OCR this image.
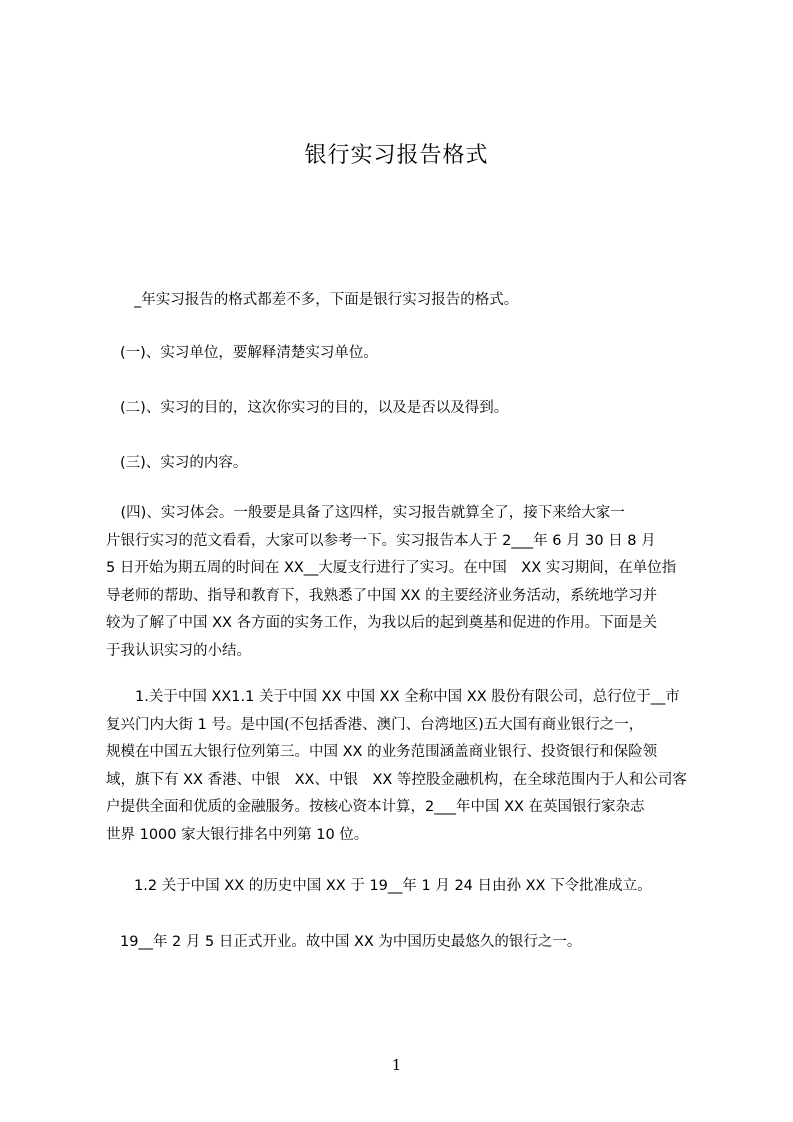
银行实习报告格式

_年实习报告的格式都差不多，下面是银行实习报告的格式。

(一)、实习单位，要解释清楚实习单位。

(二)、实习的目的，这次你实习的目的，以及是否以及得到。

(三)、实习的内容。

　(四)、实习体会。一般要是具备了这四样，实习报告就算全了，接下来给大家一
片银行实习的范文看看，大家可以参考一下。实习报告本人于 2___年 6 月 30 日 8 月
5 日开始为期五周的时间在 XX__大厦支行进行了实习。在中国　XX 实习期间，在单位指
导老师的帮助、指导和教育下，我熟悉了中国 XX 的主要经济业务活动，系统地学习并
较为了解了中国 XX 各方面的实务工作，为我以后的起到奠基和促进的作用。下面是关
于我认识实习的小结。
　　1.关于中国 XX1.1 关于中国 XX 中国 XX 全称中国 XX 股份有限公司，总行位于__市
复兴门内大街 1 号。是中国(不包括香港、澳门、台湾地区)五大国有商业银行之一，
规模在中国五大银行位列第三。中国 XX 的业务范围涵盖商业银行、投资银行和保险领
域，旗下有 XX 香港、中银　XX、中银　XX 等控股金融机构，在全球范围内于人和公司客
户提供全面和优质的金融服务。按核心资本计算，2___年中国 XX 在英国银行家杂志
世界 1000 家大银行排名中列第 10 位。

1.2 关于中国 XX 的历史中国 XX 于 19__年 1 月 24 日由孙 XX 下令批准成立。

19__年 2 月 5 日正式开业。故中国 XX 为中国历史最悠久的银行之一。

1
